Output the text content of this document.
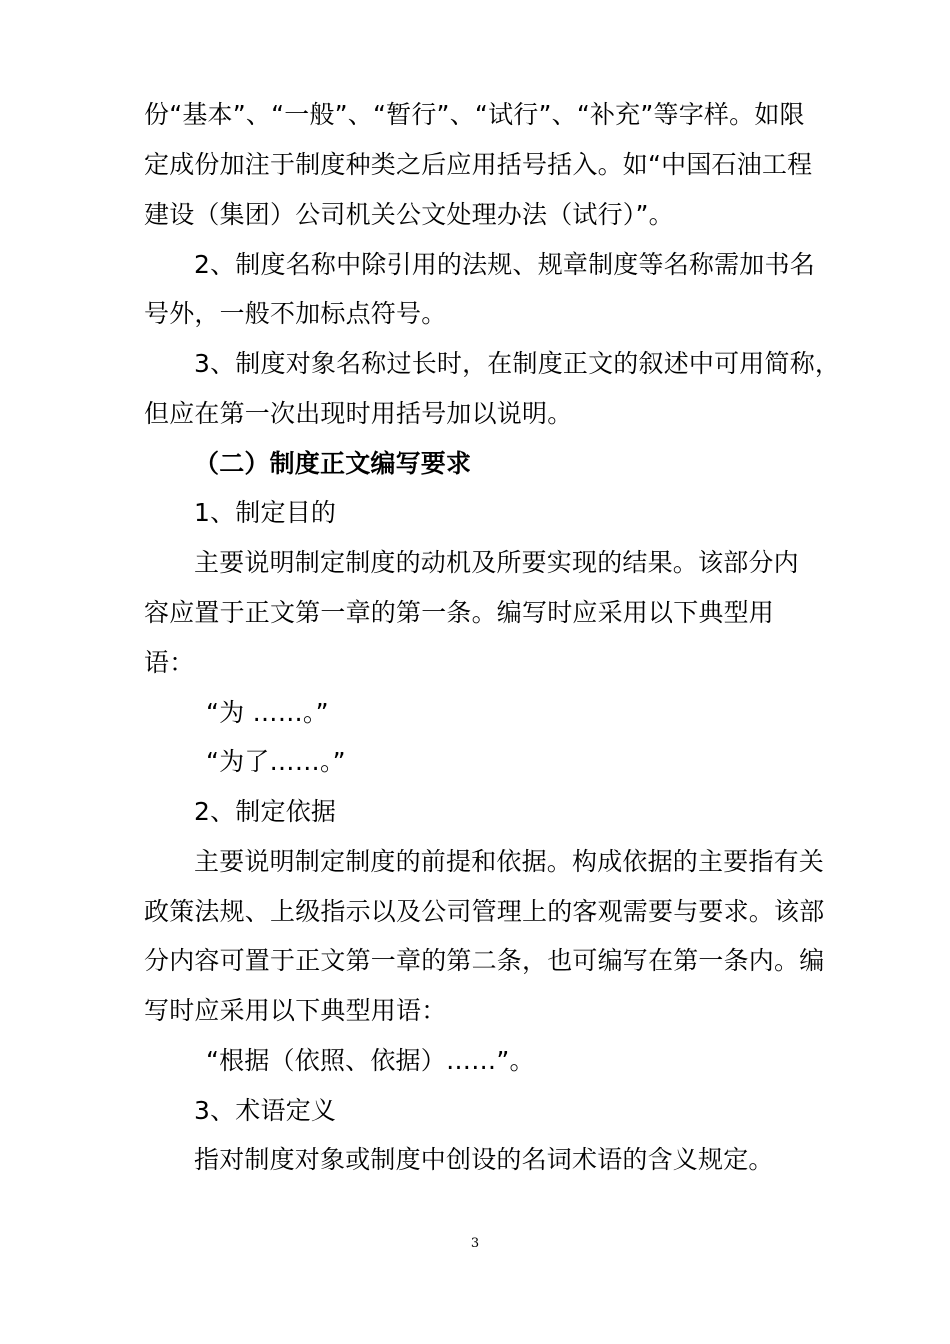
份“基本”、“一般”、“暂行”、“试行”、“补充”等字样。如限
定成份加注于制度种类之后应用括号括入。如“中国石油工程
建设（集团）公司机关公文处理办法（试行）”。
2、制度名称中除引用的法规、规章制度等名称需加书名
号外，一般不加标点符号。
3、制度对象名称过长时，在制度正文的叙述中可用简称，
但应在第一次出现时用括号加以说明。
（二）制度正文编写要求
1、制定目的
主要说明制定制度的动机及所要实现的结果。该部分内
容应置于正文第一章的第一条。编写时应采用以下典型用
语：
“为 ……。”
“为了……。”
2、制定依据
主要说明制定制度的前提和依据。构成依据的主要指有关
政策法规、上级指示以及公司管理上的客观需要与要求。该部
分内容可置于正文第一章的第二条，也可编写在第一条内。编
写时应采用以下典型用语：
“根据（依照、依据）……”。
3、术语定义
指对制度对象或制度中创设的名词术语的含义规定。
3
